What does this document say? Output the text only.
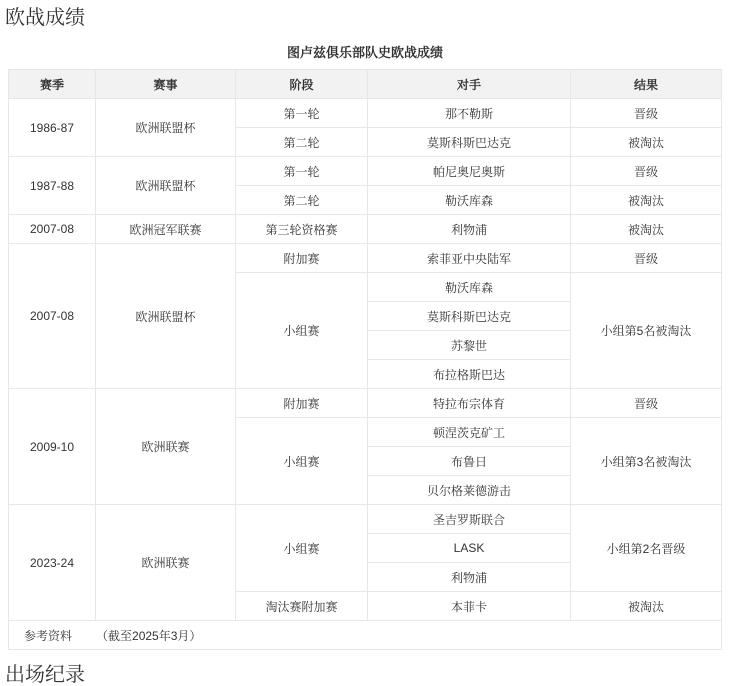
欧战成绩
图卢兹俱乐部队史欧战成绩
赛季	赛事	阶段	对手	结果
1986-87	欧洲联盟杯	第一轮	那不勒斯	晋级
		第二轮	莫斯科斯巴达克	被淘汰
1987-88	欧洲联盟杯	第一轮	帕尼奥尼奥斯	晋级
		第二轮	勒沃库森	被淘汰
2007-08	欧洲冠军联赛	第三轮资格赛	利物浦	被淘汰
2007-08	欧洲联盟杯	附加赛	索菲亚中央陆军	晋级
		小组赛	勒沃库森	小组第5名被淘汰
			莫斯科斯巴达克	
			苏黎世	
			布拉格斯巴达	
2009-10	欧洲联赛	附加赛	特拉布宗体育	晋级
		小组赛	顿涅茨克矿工	小组第3名被淘汰
			布鲁日	
			贝尔格莱德游击	
2023-24	欧洲联赛	小组赛	圣吉罗斯联合	小组第2名晋级
			LASK	
			利物浦	
		淘汰赛附加赛	本菲卡	被淘汰
参考资料 （截至2025年3月）				
出场纪录
